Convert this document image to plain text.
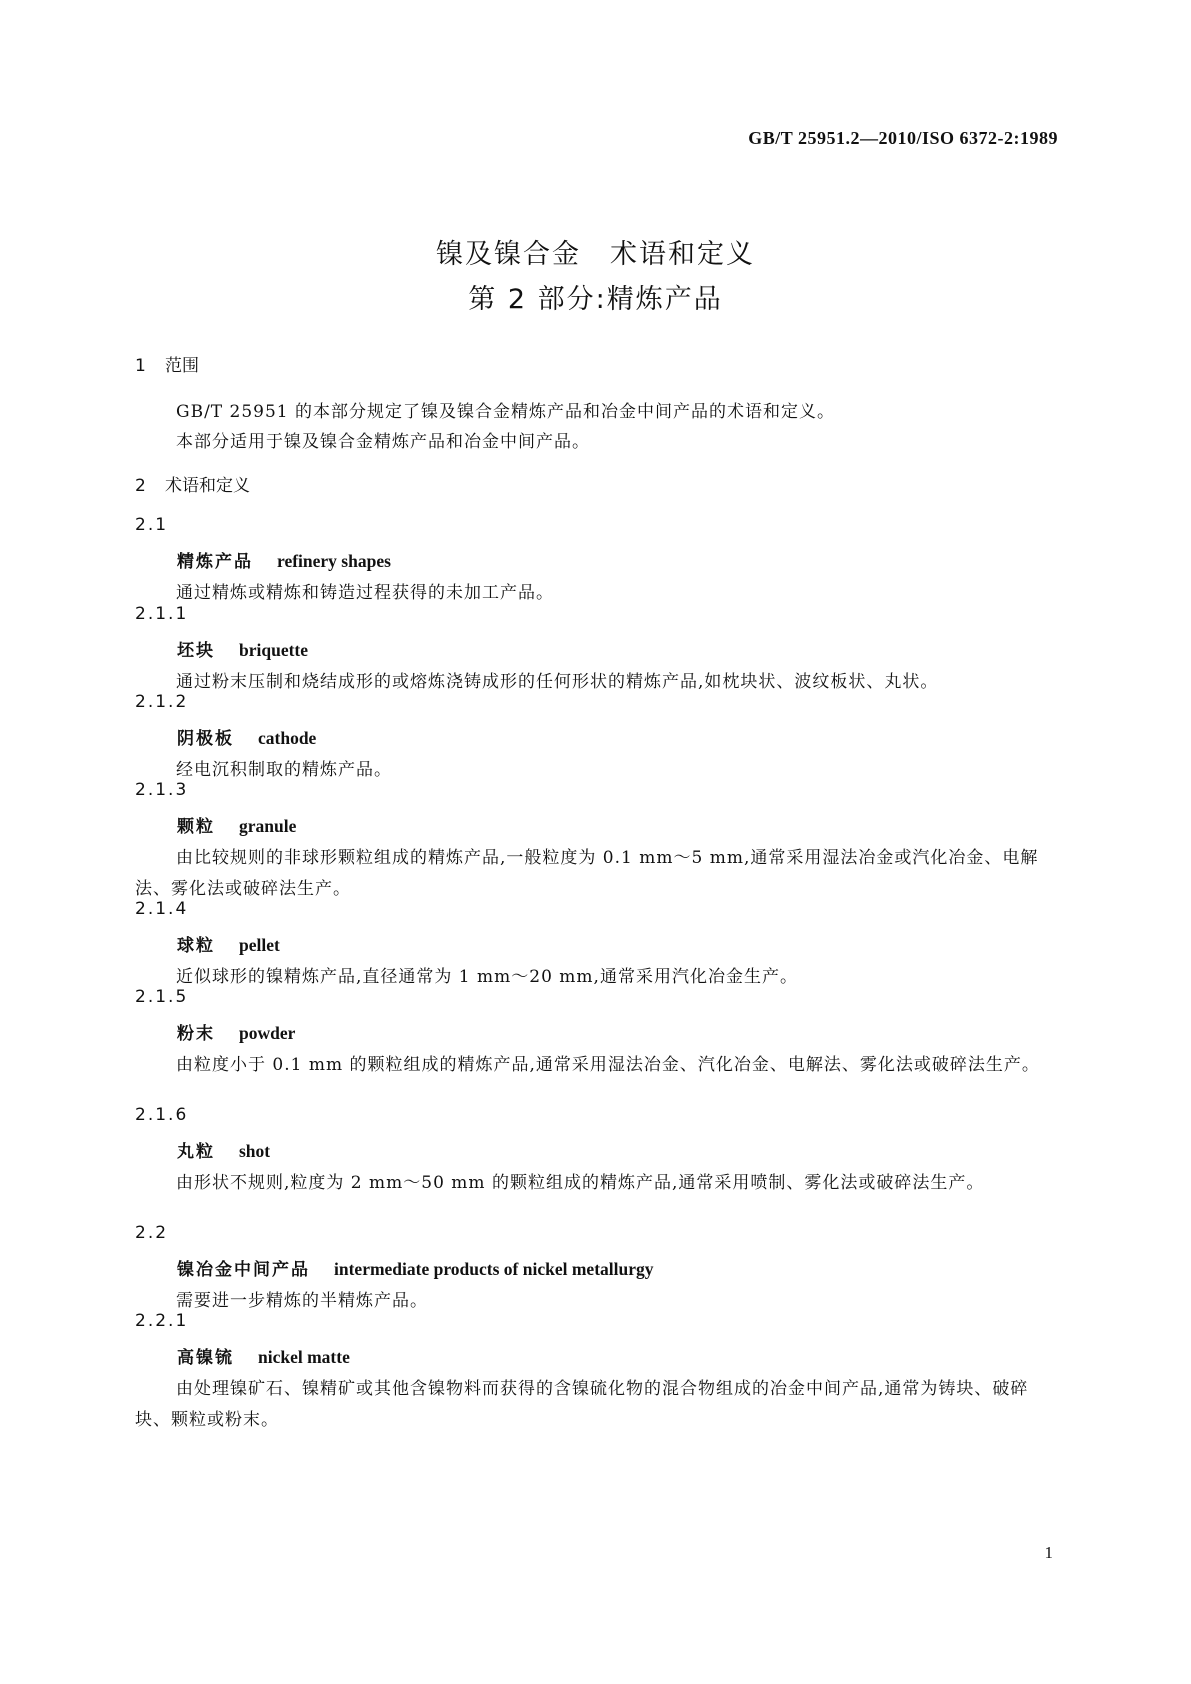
GB/T 25951.2—2010/ISO 6372-2:1989
镍及镍合金　术语和定义
第 2 部分:精炼产品
1 范围
GB/T 25951 的本部分规定了镍及镍合金精炼产品和冶金中间产品的术语和定义。
本部分适用于镍及镍合金精炼产品和冶金中间产品。
2 术语和定义
2.1
精炼产品 refinery shapes
通过精炼或精炼和铸造过程获得的未加工产品。
2.1.1
坯块 briquette
通过粉末压制和烧结成形的或熔炼浇铸成形的任何形状的精炼产品,如枕块状、波纹板状、丸状。
2.1.2
阴极板 cathode
经电沉积制取的精炼产品。
2.1.3
颗粒 granule
由比较规则的非球形颗粒组成的精炼产品,一般粒度为 0.1 mm～5 mm,通常采用湿法冶金或汽化冶金、电解法、雾化法或破碎法生产。
2.1.4
球粒 pellet
近似球形的镍精炼产品,直径通常为 1 mm～20 mm,通常采用汽化冶金生产。
2.1.5
粉末 powder
由粒度小于 0.1 mm 的颗粒组成的精炼产品,通常采用湿法冶金、汽化冶金、电解法、雾化法或破碎法生产。
2.1.6
丸粒 shot
由形状不规则,粒度为 2 mm～50 mm 的颗粒组成的精炼产品,通常采用喷制、雾化法或破碎法生产。
2.2
镍冶金中间产品 intermediate products of nickel metallurgy
需要进一步精炼的半精炼产品。
2.2.1
高镍锍 nickel matte
由处理镍矿石、镍精矿或其他含镍物料而获得的含镍硫化物的混合物组成的冶金中间产品,通常为铸块、破碎块、颗粒或粉末。
1
